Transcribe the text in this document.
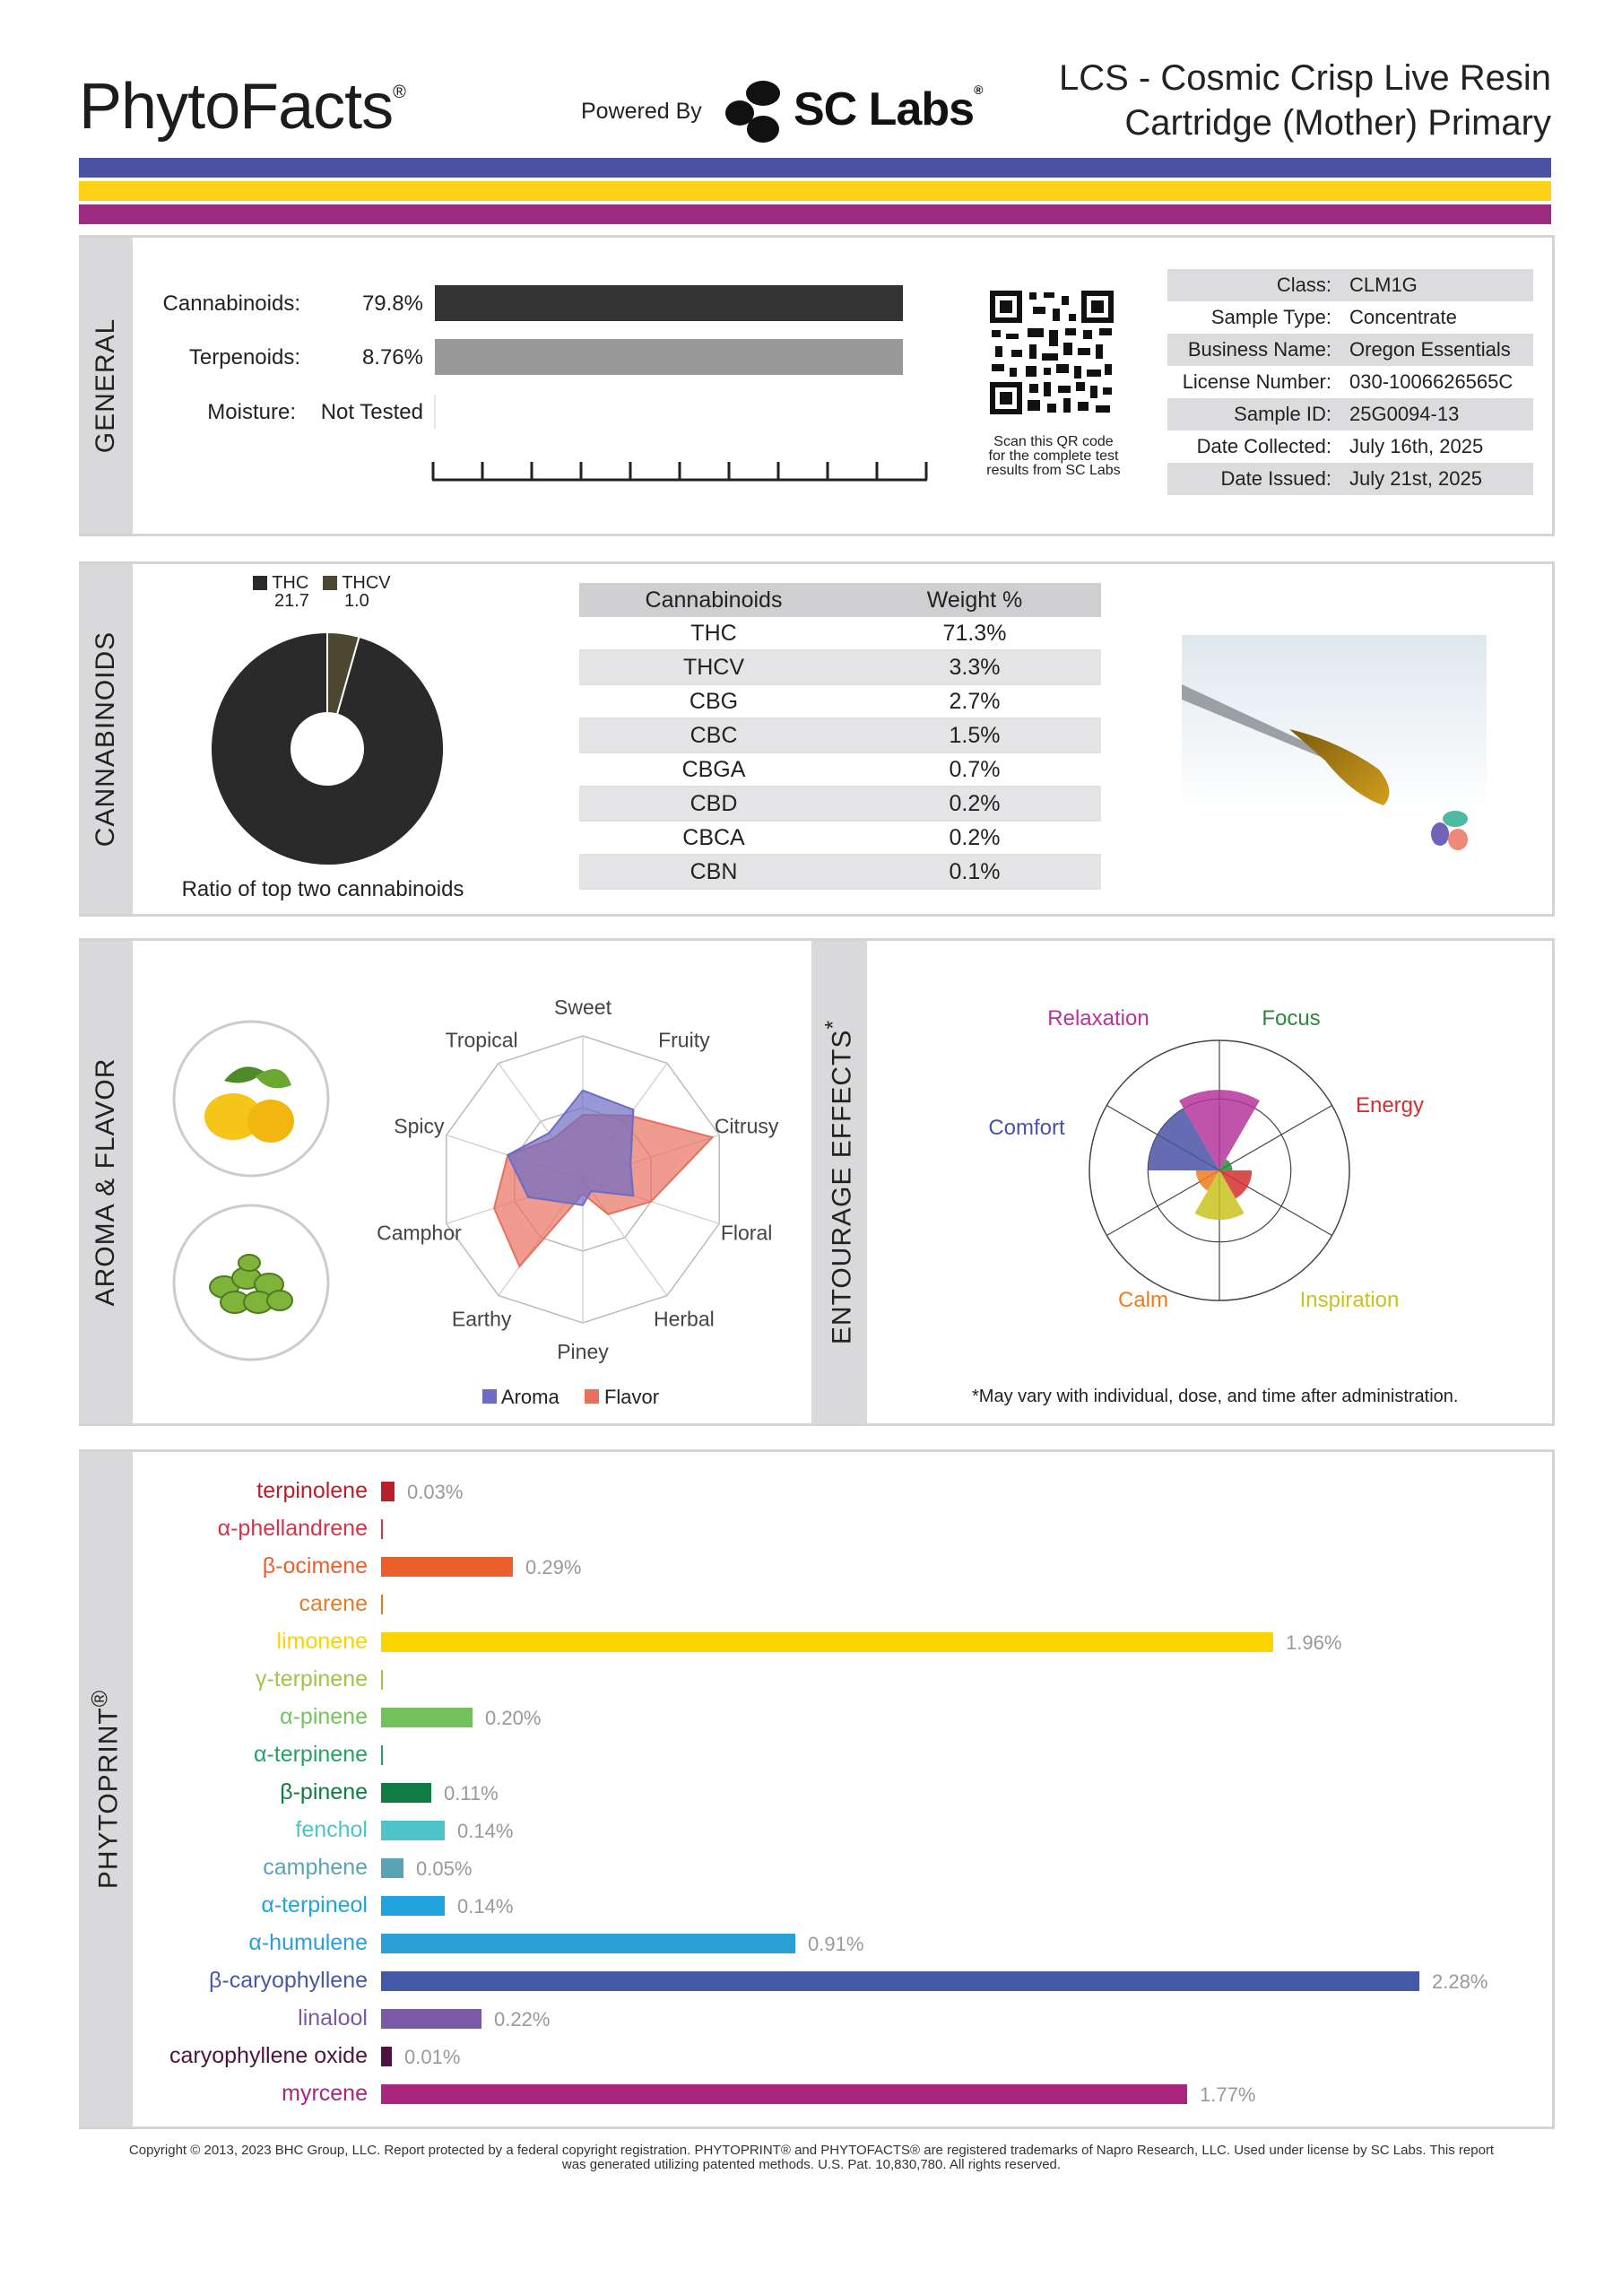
PhytoFacts®
Powered By SC Labs®	LCS - Cosmic Crisp Live Resin
Cartridge (Mother) Primary
GENERAL
Cannabinoids:	79.8%
Terpenoids:	8.76%
Moisture:	Not Tested
Scan this QR code
for the complete test
results from SC Labs
Class: CLM1G
Sample Type: Concentrate
Business Name: Oregon Essentials
License Number: 030-1006626565C
Sample ID: 25G0094-13
Date Collected: July 16th, 2025
Date Issued: July 21st, 2025
CANNABINOIDS
THC
21.7
THCV
1.0
Ratio of top two cannabinoids
Cannabinoids	Weight %
THC	71.3%
THCV	3.3%
CBG	2.7%
CBC	1.5%
CBGA	0.7%
CBD	0.2%
CBCA	0.2%
CBN	0.1%
AROMA & FLAVOR
Sweet
Fruity
Citrusy
Floral
Herbal
Piney
Earthy
Camphor
Spicy
Tropical
Aroma Flavor
ENTOURAGE EFFECTS*	Relaxation	Focus
Energy
Inspiration
Calm
Comfort
*May vary with individual, dose, and time after administration.
PHYTOPRINT®
terpinolene 0.03%
α-phellandrene
β-ocimene	0.29%
carene
limonene	1.96%
γ-terpinene
α-pinene	0.20%
α-terpinene
β-pinene	0.11%
fenchol	0.14%
camphene 0.05%
α-terpineol	0.14%
α-humulene	0.91%
β-caryophyllene	2.28%
linalool	0.22%
caryophyllene oxide 0.01%
myrcene	1.77%
Copyright © 2013, 2023 BHC Group, LLC. Report protected by a federal copyright registration. PHYTOPRINT® and PHYTOFACTS® are registered trademarks of Napro Research, LLC. Used under license by SC Labs. This report
was generated utilizing patented methods. U.S. Pat. 10,830,780. All rights reserved.
